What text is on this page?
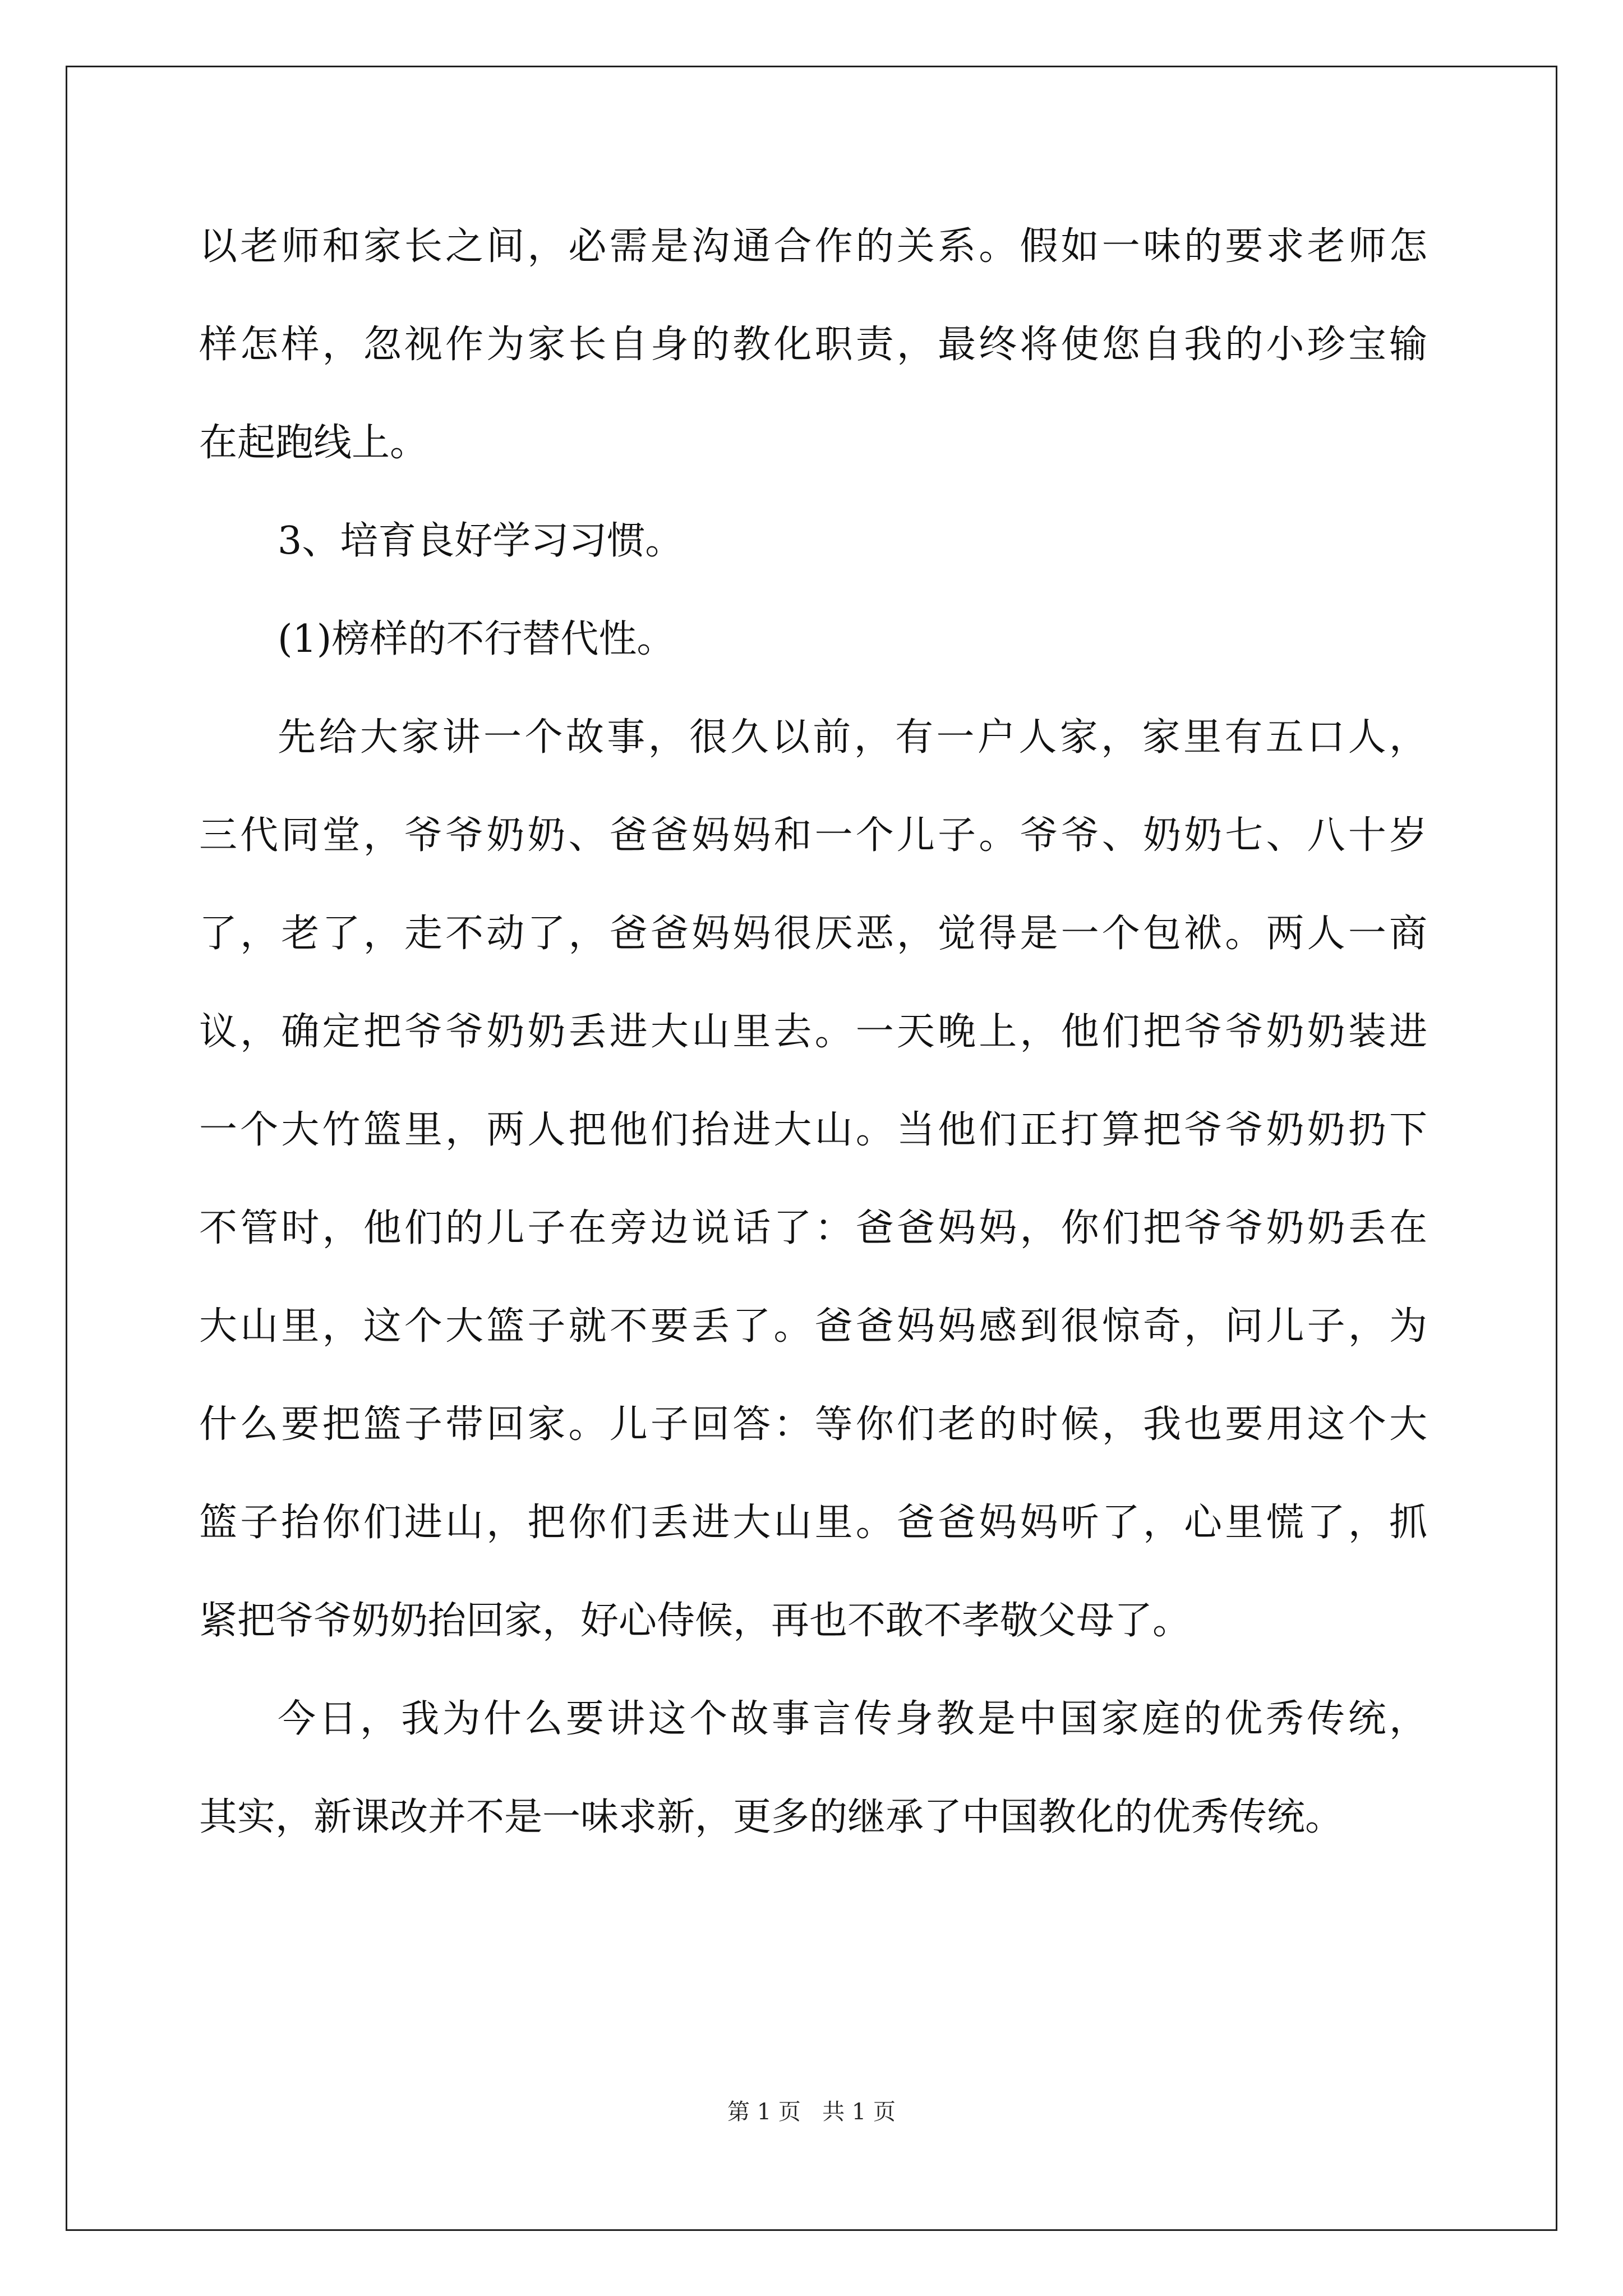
以老师和家长之间，必需是沟通合作的关系。假如一味的要求老师怎
样怎样，忽视作为家长自身的教化职责，最终将使您自我的小珍宝输
在起跑线上。
3、培育良好学习习惯。
(1)榜样的不行替代性。
先给大家讲一个故事，很久以前，有一户人家，家里有五口人，
三代同堂，爷爷奶奶、爸爸妈妈和一个儿子。爷爷、奶奶七、八十岁
了，老了，走不动了，爸爸妈妈很厌恶，觉得是一个包袱。两人一商
议，确定把爷爷奶奶丢进大山里去。一天晚上，他们把爷爷奶奶装进
一个大竹篮里，两人把他们抬进大山。当他们正打算把爷爷奶奶扔下
不管时，他们的儿子在旁边说话了：爸爸妈妈，你们把爷爷奶奶丢在
大山里，这个大篮子就不要丢了。爸爸妈妈感到很惊奇，问儿子，为
什么要把篮子带回家。儿子回答：等你们老的时候，我也要用这个大
篮子抬你们进山，把你们丢进大山里。爸爸妈妈听了，心里慌了，抓
紧把爷爷奶奶抬回家，好心侍候，再也不敢不孝敬父母了。
今日，我为什么要讲这个故事言传身教是中国家庭的优秀传统，
其实，新课改并不是一味求新，更多的继承了中国教化的优秀传统。
第 1 页   共 1 页
